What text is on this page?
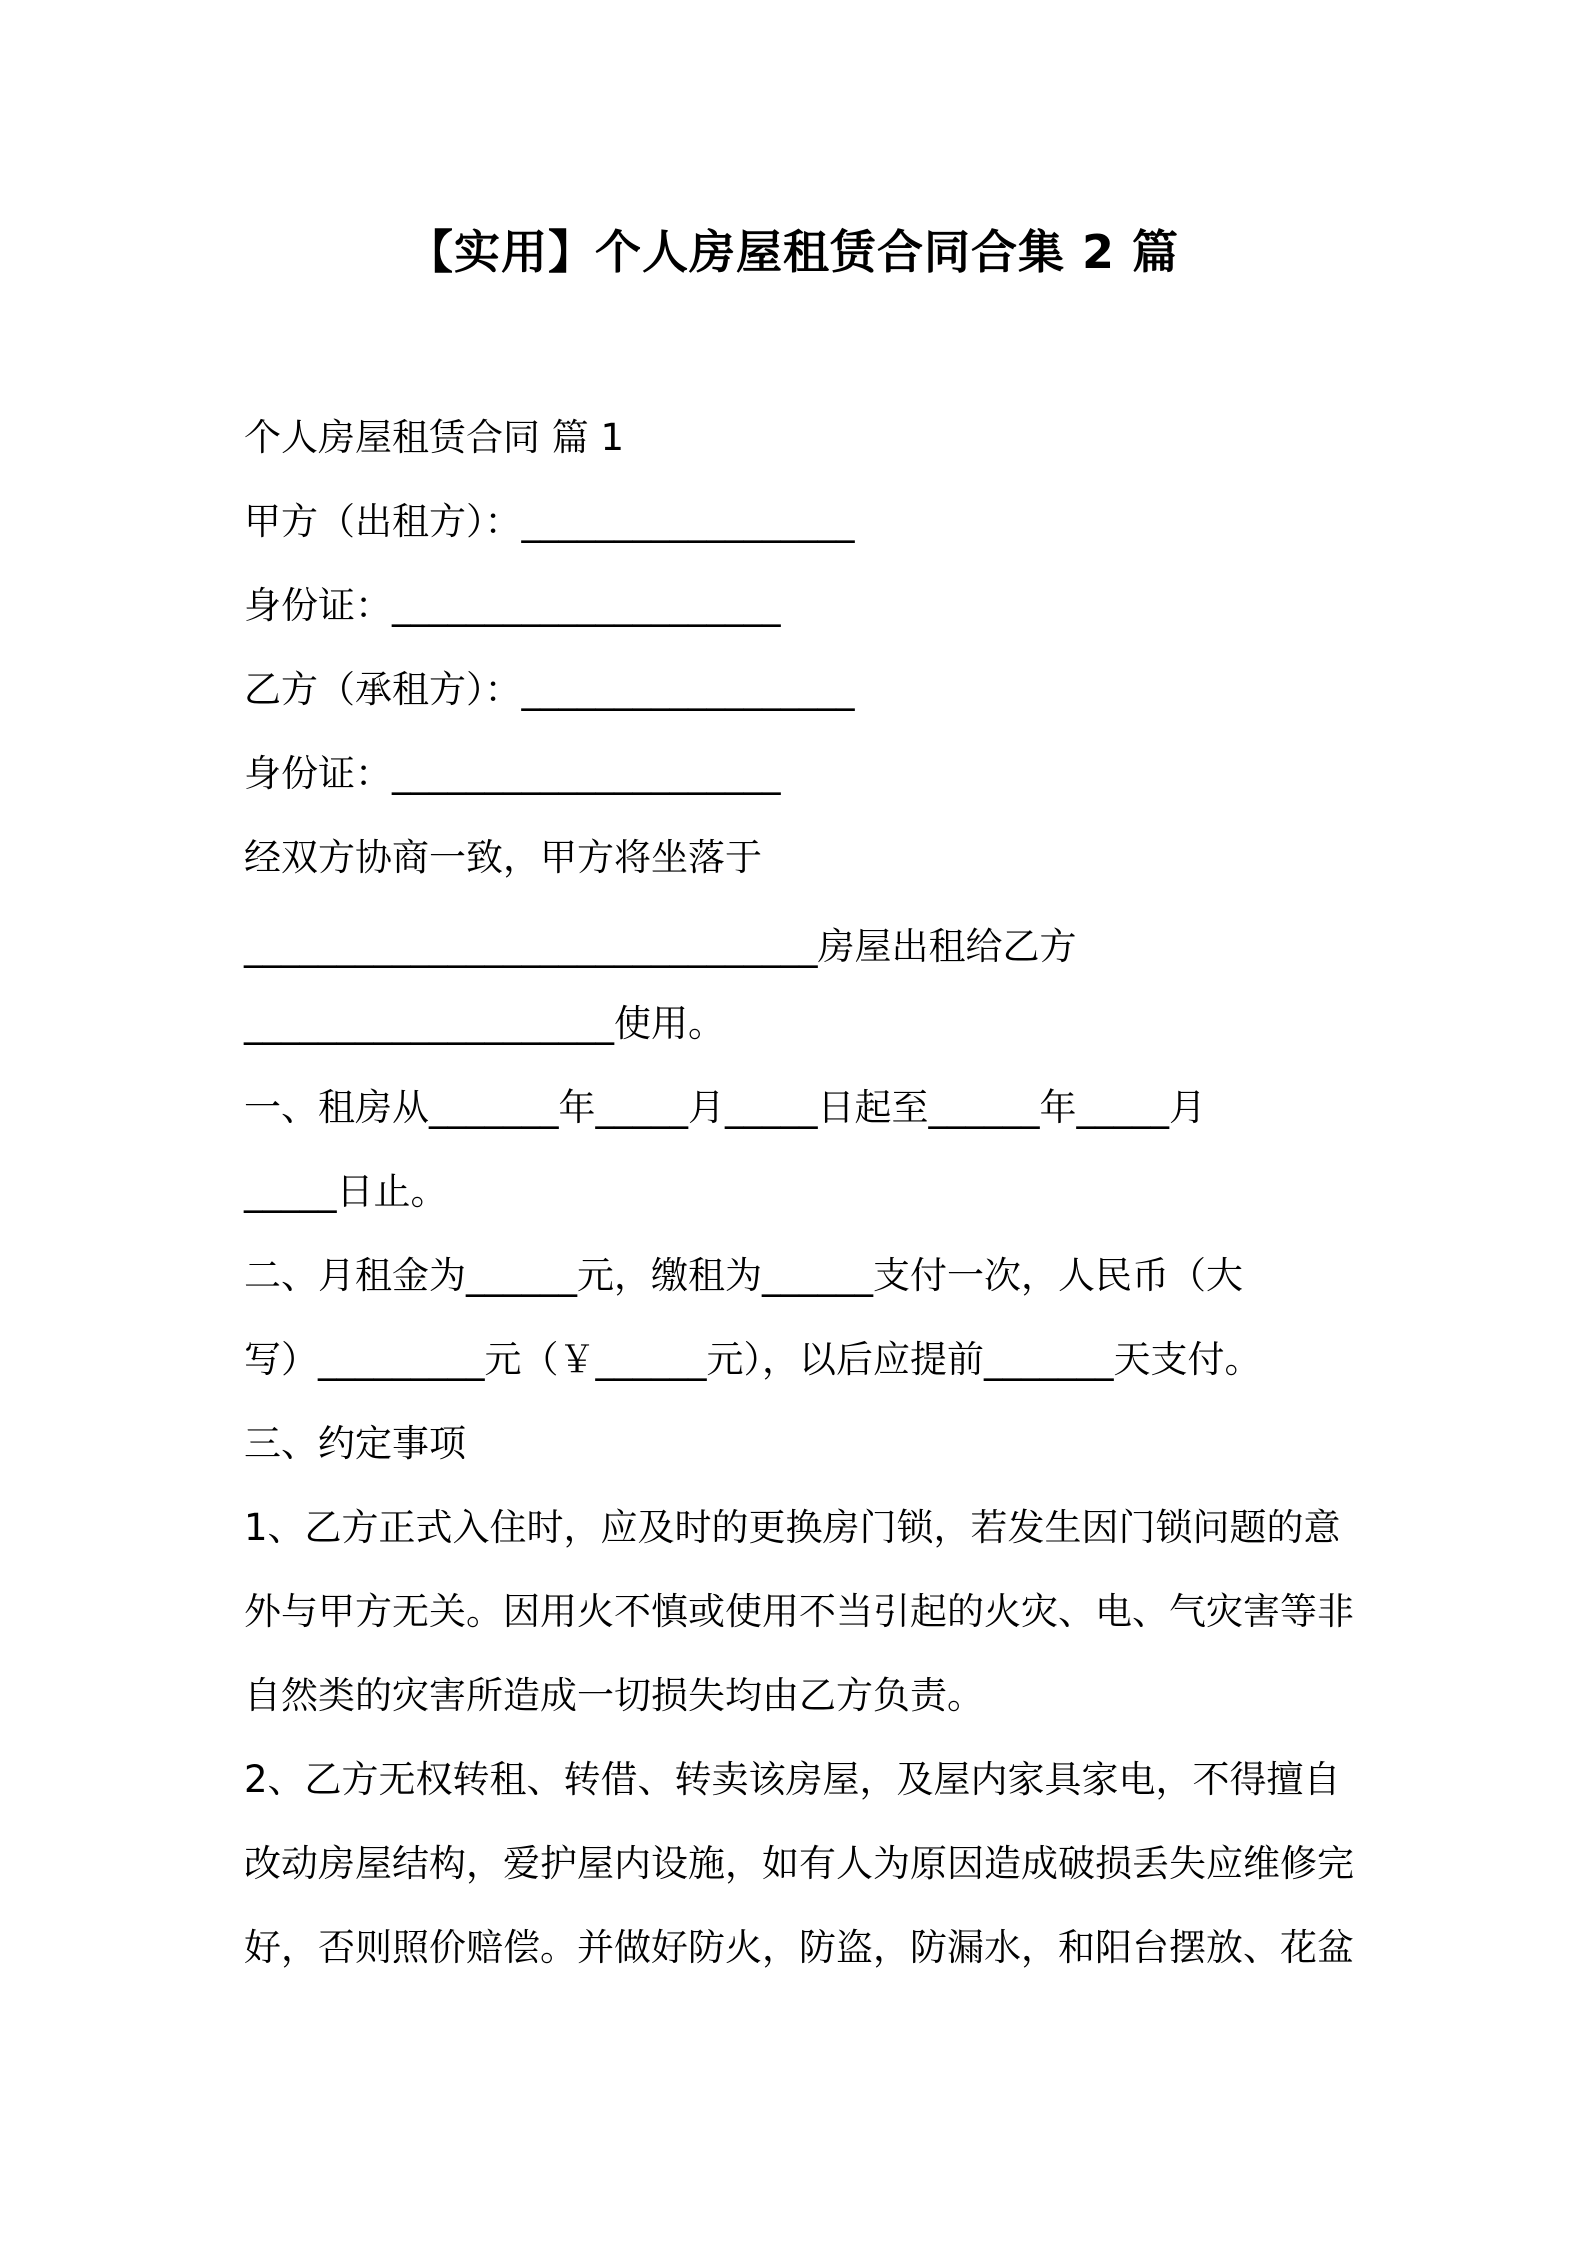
【实用】个人房屋租赁合同合集 2 篇
个人房屋租赁合同 篇 1
甲方（出租方）：__________________
身份证：_____________________
乙方（承租方）：__________________
身份证：_____________________
经双方协商一致，甲方将坐落于
_______________________________房屋出租给乙方
____________________使用。
一、租房从_______年_____月_____日起至______年_____月
_____日止。
二、月租金为______元，缴租为______支付一次，人民币（大
写）_________元（￥______元），以后应提前_______天支付。
三、约定事项
1、乙方正式入住时，应及时的更换房门锁，若发生因门锁问题的意
外与甲方无关。因用火不慎或使用不当引起的火灾、电、气灾害等非
自然类的灾害所造成一切损失均由乙方负责。
2、乙方无权转租、转借、转卖该房屋，及屋内家具家电，不得擅自
改动房屋结构，爱护屋内设施，如有人为原因造成破损丢失应维修完
好，否则照价赔偿。并做好防火，防盗，防漏水，和阳台摆放、花盆
